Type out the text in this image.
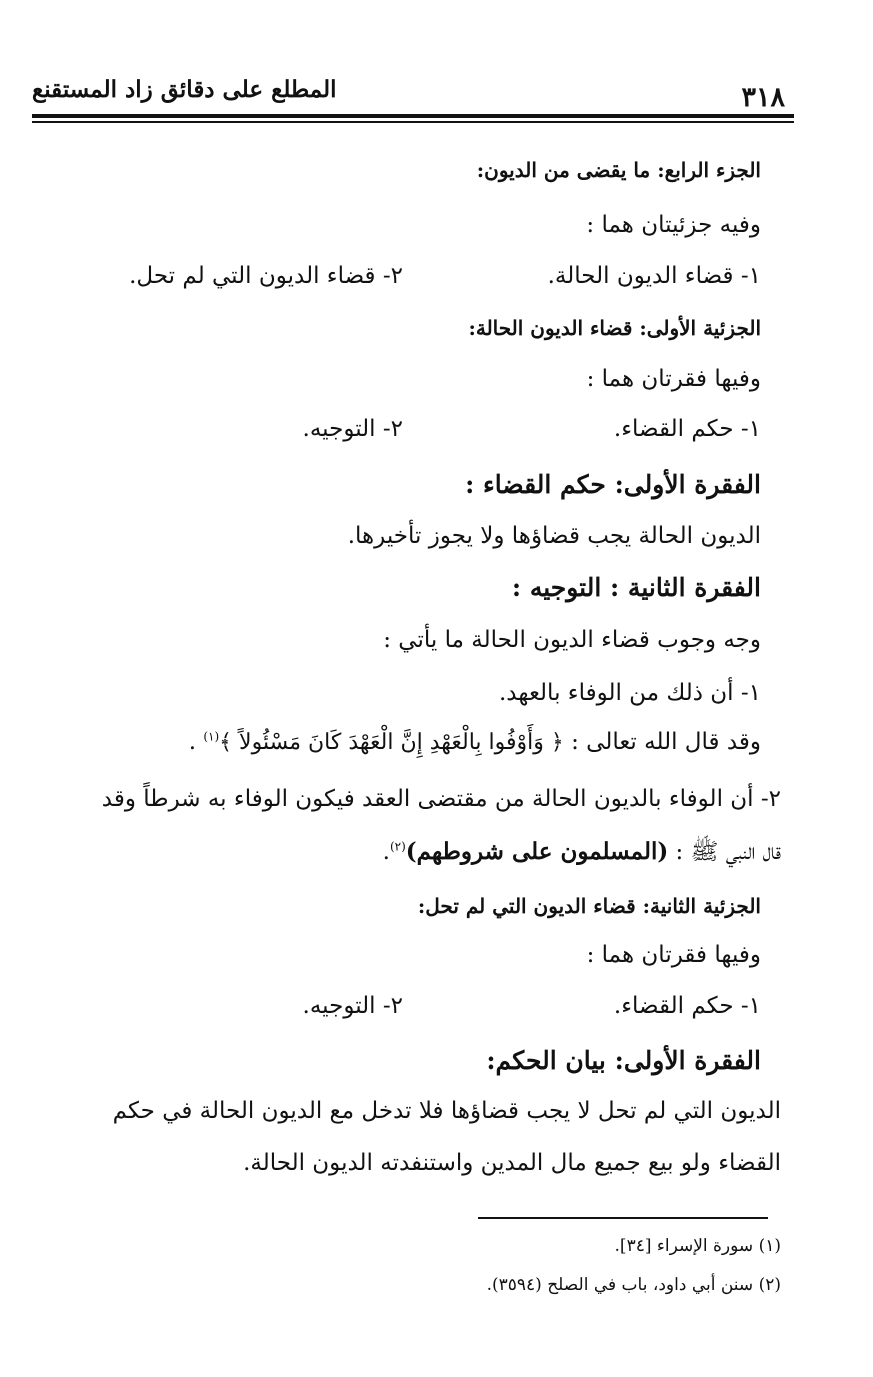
٣١٨
المطلع على دقائق زاد المستقنع
الجزء الرابع: ما يقضى من الديون:
وفيه جزئيتان هما :
١- قضاء الديون الحالة.
٢- قضاء الديون التي لم تحل.
الجزئية الأولى: قضاء الديون الحالة:
وفيها فقرتان هما :
١- حكم القضاء.
٢- التوجيه.
الفقرة الأولى: حكم القضاء :
الديون الحالة يجب قضاؤها ولا يجوز تأخيرها.
الفقرة الثانية : التوجيه :
وجه وجوب قضاء الديون الحالة ما يأتي :
١- أن ذلك من الوفاء بالعهد.
وقد قال الله تعالى : ﴿ وَأَوْفُوا بِالْعَهْدِ إِنَّ الْعَهْدَ كَانَ مَسْئُولاً ﴾$^{(١)}$ .
٢- أن الوفاء بالديون الحالة من مقتضى العقد فيكون الوفاء به شرطاً وقد
قال النبي ﷺ : (المسلمون على شروطهم)$^{(٢)}$.
الجزئية الثانية: قضاء الديون التي لم تحل:
وفيها فقرتان هما :
١- حكم القضاء.
٢- التوجيه.
الفقرة الأولى: بيان الحكم:
الديون التي لم تحل لا يجب قضاؤها فلا تدخل مع الديون الحالة في حكم
القضاء ولو بيع جميع مال المدين واستنفدته الديون الحالة.
(١) سورة الإسراء [٣٤].
(٢) سنن أبي داود، باب في الصلح (٣٥٩٤).
